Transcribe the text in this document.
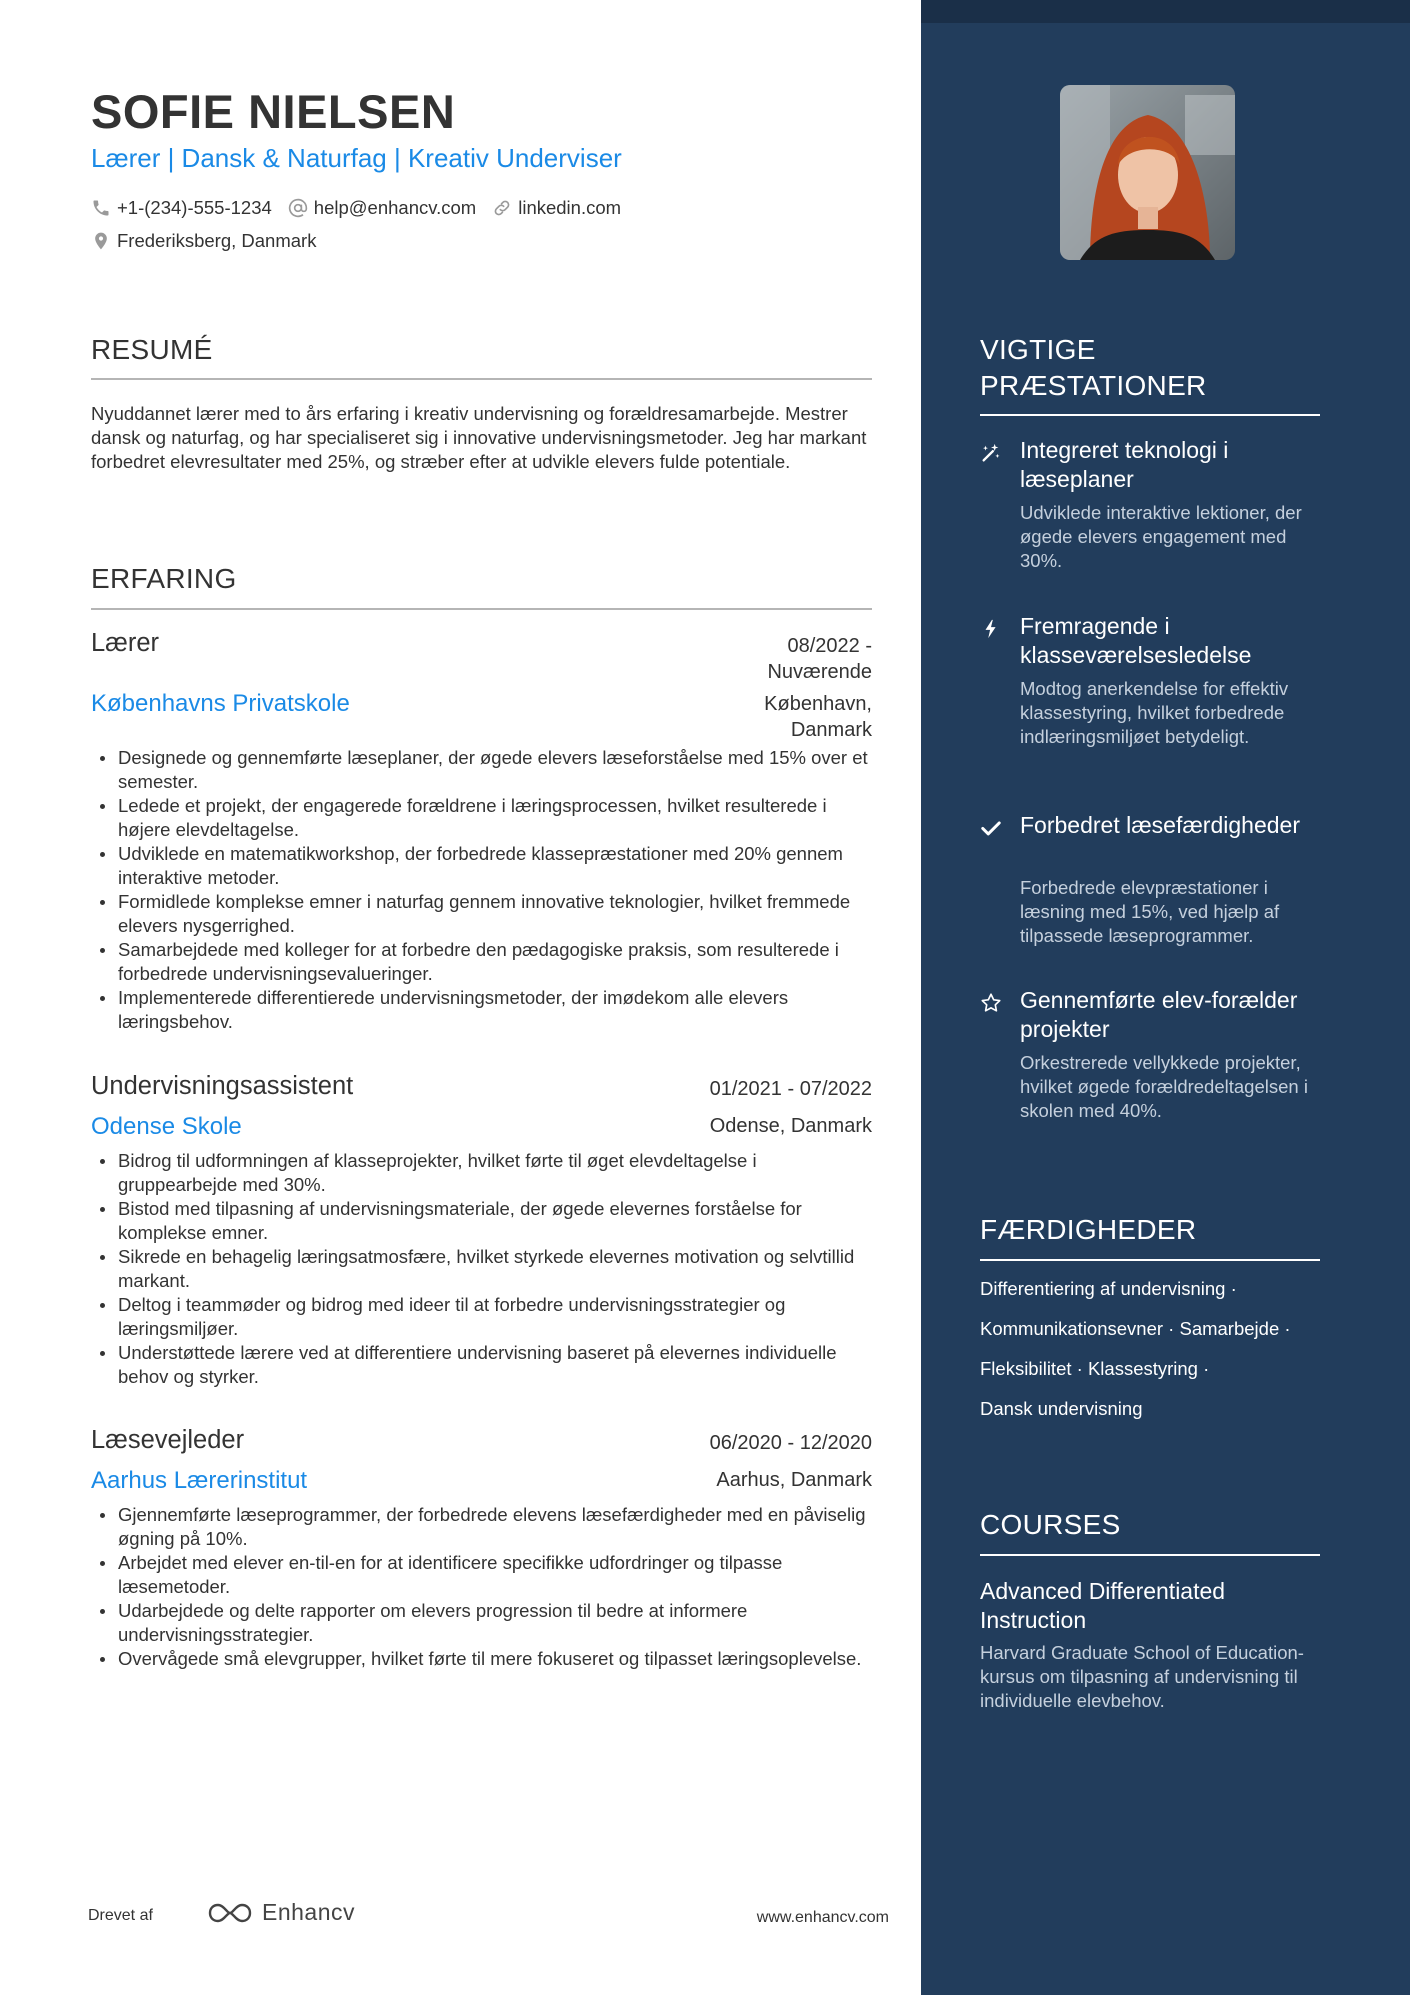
SOFIE NIELSEN
Lærer | Dansk & Naturfag | Kreativ Underviser
+1-(234)-555-1234 help@enhancv.com linkedin.com
Frederiksberg, Danmark
RESUMÉ
Nyuddannet lærer med to års erfaring i kreativ undervisning og forældresamarbejde. Mestrer dansk og naturfag, og har specialiseret sig i innovative undervisningsmetoder. Jeg har markant forbedret elevresultater med 25%, og stræber efter at udvikle elevers fulde potentiale.
ERFARING
Lærer	08/2022 -
Nuværende
Københavns Privatskole	København,
Danmark
Designede og gennemførte læseplaner, der øgede elevers læseforståelse med 15% over et semester.
Ledede et projekt, der engagerede forældrene i læringsprocessen, hvilket resulterede i højere elevdeltagelse.
Udviklede en matematikworkshop, der forbedrede klassepræstationer med 20% gennem interaktive metoder.
Formidlede komplekse emner i naturfag gennem innovative teknologier, hvilket fremmede elevers nysgerrighed.
Samarbejdede med kolleger for at forbedre den pædagogiske praksis, som resulterede i forbedrede undervisningsevalueringer.
Implementerede differentierede undervisningsmetoder, der imødekom alle elevers læringsbehov.
Undervisningsassistent	01/2021 - 07/2022
Odense Skole	Odense, Danmark
Bidrog til udformningen af klasseprojekter, hvilket førte til øget elevdeltagelse i gruppearbejde med 30%.
Bistod med tilpasning af undervisningsmateriale, der øgede elevernes forståelse for komplekse emner.
Sikrede en behagelig læringsatmosfære, hvilket styrkede elevernes motivation og selvtillid markant.
Deltog i teammøder og bidrog med ideer til at forbedre undervisningsstrategier og læringsmiljøer.
Understøttede lærere ved at differentiere undervisning baseret på elevernes individuelle behov og styrker.
Læsevejleder	06/2020 - 12/2020
Aarhus Lærerinstitut	Aarhus, Danmark
Gjennemførte læseprogrammer, der forbedrede elevens læsefærdigheder med en påviselig øgning på 10%.
Arbejdet med elever en-til-en for at identificere specifikke udfordringer og tilpasse læsemetoder.
Udarbejdede og delte rapporter om elevers progression til bedre at informere undervisningsstrategier.
Overvågede små elevgrupper, hvilket førte til mere fokuseret og tilpasset læringsoplevelse.
Drevet af	Enhancv	www.enhancv.com
VIGTIGE
PRÆSTATIONER
Integreret teknologi i læseplaner
Udviklede interaktive lektioner, der øgede elevers engagement med 30%.
Fremragende i klasseværelsesledelse
Modtog anerkendelse for effektiv klassestyring, hvilket forbedrede indlæringsmiljøet betydeligt.
Forbedret læsefærdigheder
Forbedrede elevpræstationer i læsning med 15%, ved hjælp af tilpassede læseprogrammer.
Gennemførte elev-forælder projekter
Orkestrerede vellykkede projekter, hvilket øgede forældredeltagelsen i skolen med 40%.
FÆRDIGHEDER
Differentiering af undervisning ·
Kommunikationsevner · Samarbejde ·
Fleksibilitet · Klassestyring ·
Dansk undervisning
COURSES
Advanced Differentiated Instruction
Harvard Graduate School of Education-kursus om tilpasning af undervisning til individuelle elevbehov.
